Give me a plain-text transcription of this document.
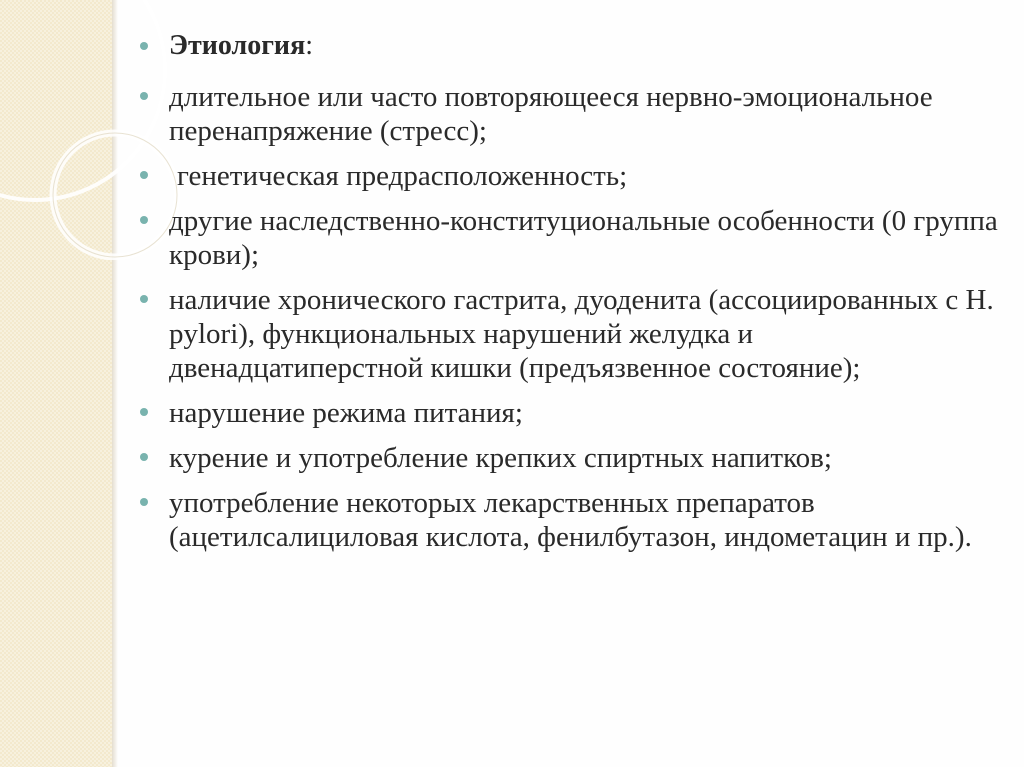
Этиология:
длительное или часто повторяющееся нервно-эмоциональное перенапряжение (стресс);
генетическая предрасположенность;
другие наследственно-конституциональные особенности (0 группа крови);
наличие хронического гастрита, дуоденита (ассоциированных с H. pylori), функциональных нарушений желудка и двенадцатиперстной кишки (предъязвенное состояние);
нарушение режима питания;
курение и употребление крепких спиртных напитков;
употребление некоторых лекарственных препаратов (ацетилсалициловая кислота, фенилбутазон, индометацин и пр.).
